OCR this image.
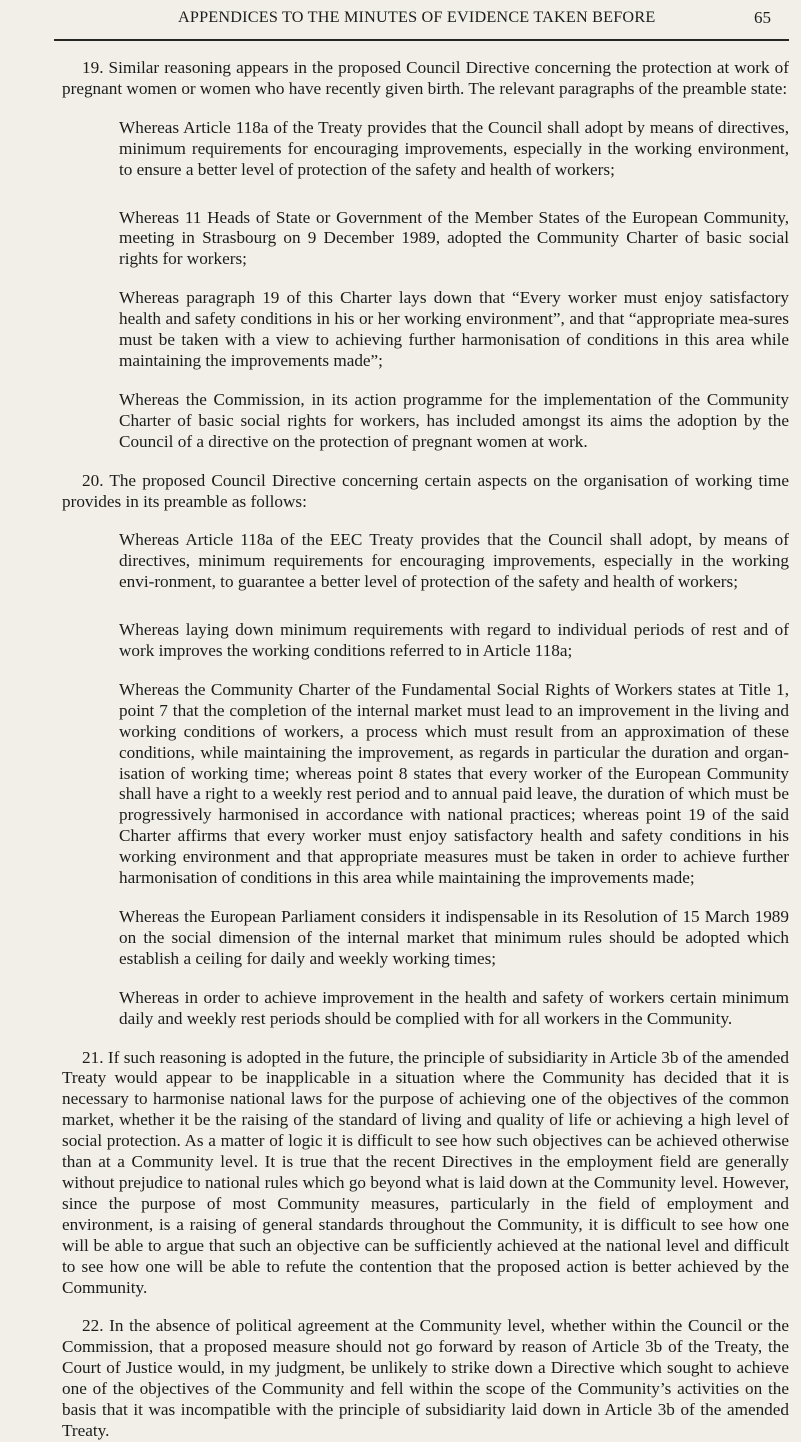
APPENDICES TO THE MINUTES OF EVIDENCE TAKEN BEFORE	65

19. Similar reasoning appears in the proposed Council Directive concerning the protection at work of pregnant women or women who have recently given birth. The relevant paragraphs of the preamble state:

Whereas Article 118a of the Treaty provides that the Council shall adopt by means of directives, minimum requirements for encouraging improvements, especially in the working environment, to ensure a better level of protection of the safety and health of workers;

Whereas 11 Heads of State or Government of the Member States of the European Community, meeting in Strasbourg on 9 December 1989, adopted the Community Charter of basic social rights for workers;

Whereas paragraph 19 of this Charter lays down that “Every worker must enjoy satisfactory health and safety conditions in his or her working environment”, and that “appropriate mea-sures must be taken with a view to achieving further harmonisation of conditions in this area while maintaining the improvements made”;

Whereas the Commission, in its action programme for the implementation of the Community Charter of basic social rights for workers, has included amongst its aims the adoption by the Council of a directive on the protection of pregnant women at work.

20. The proposed Council Directive concerning certain aspects on the organisation of working time provides in its preamble as follows:

Whereas Article 118a of the EEC Treaty provides that the Council shall adopt, by means of directives, minimum requirements for encouraging improvements, especially in the working envi-ronment, to guarantee a better level of protection of the safety and health of workers;

Whereas laying down minimum requirements with regard to individual periods of rest and of work improves the working conditions referred to in Article 118a;

Whereas the Community Charter of the Fundamental Social Rights of Workers states at Title 1, point 7 that the completion of the internal market must lead to an improvement in the living and working conditions of workers, a process which must result from an approximation of these conditions, while maintaining the improvement, as regards in particular the duration and organ-isation of working time; whereas point 8 states that every worker of the European Community shall have a right to a weekly rest period and to annual paid leave, the duration of which must be progressively harmonised in accordance with national practices; whereas point 19 of the said Charter affirms that every worker must enjoy satisfactory health and safety conditions in his working environment and that appropriate measures must be taken in order to achieve further harmonisation of conditions in this area while maintaining the improvements made;

Whereas the European Parliament considers it indispensable in its Resolution of 15 March 1989 on the social dimension of the internal market that minimum rules should be adopted which establish a ceiling for daily and weekly working times;

Whereas in order to achieve improvement in the health and safety of workers certain minimum daily and weekly rest periods should be complied with for all workers in the Community.

21. If such reasoning is adopted in the future, the principle of subsidiarity in Article 3b of the amended Treaty would appear to be inapplicable in a situation where the Community has decided that it is necessary to harmonise national laws for the purpose of achieving one of the objectives of the common market, whether it be the raising of the standard of living and quality of life or achieving a high level of social protection. As a matter of logic it is difficult to see how such objectives can be achieved otherwise than at a Community level. It is true that the recent Directives in the employment field are generally without prejudice to national rules which go beyond what is laid down at the Community level. However, since the purpose of most Community measures, particularly in the field of employment and environment, is a raising of general standards throughout the Community, it is difficult to see how one will be able to argue that such an objective can be sufficiently achieved at the national level and difficult to see how one will be able to refute the contention that the proposed action is better achieved by the Community.

22. In the absence of political agreement at the Community level, whether within the Council or the Commission, that a proposed measure should not go forward by reason of Article 3b of the Treaty, the Court of Justice would, in my judgment, be unlikely to strike down a Directive which sought to achieve one of the objectives of the Community and fell within the scope of the Community’s activities on the basis that it was incompatible with the principle of subsidiarity laid down in Article 3b of the amended Treaty.
